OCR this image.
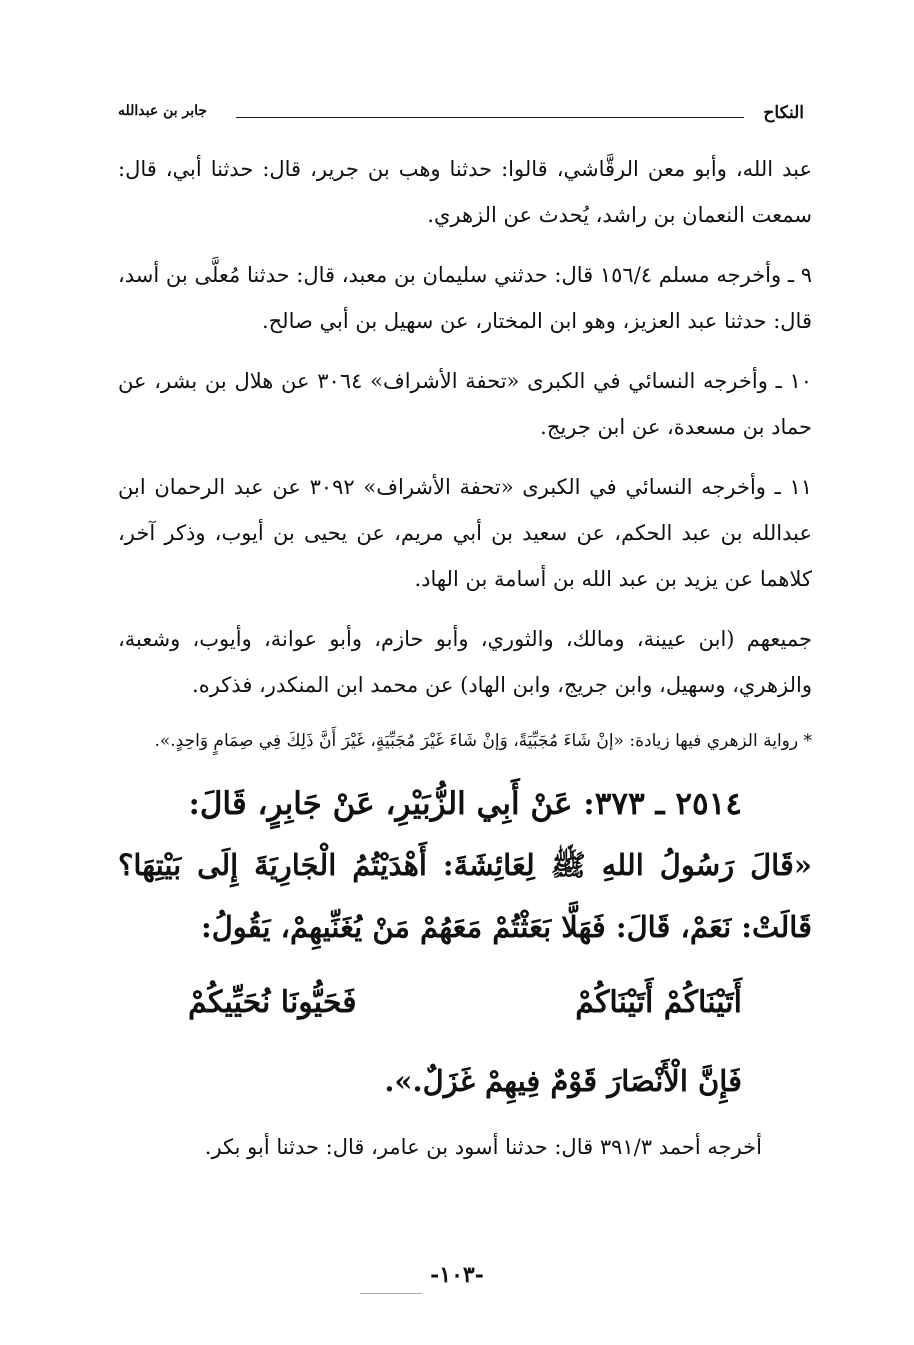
النكاح
جابر بن عبدالله

عبد الله، وأبو معن الرقَّاشي، قالوا: حدثنا وهب بن جرير، قال: حدثنا أبي، قال: سمعت النعمان بن راشد، يُحدث عن الزهري.

٩ ـ وأخرجه مسلم ١٥٦/٤ قال: حدثني سليمان بن معبد، قال: حدثنا مُعلَّى بن أسد، قال: حدثنا عبد العزيز، وهو ابن المختار، عن سهيل بن أبي صالح.

١٠ ـ وأخرجه النسائي في الكبرى «تحفة الأشراف» ٣٠٦٤ عن هلال بن بشر، عن حماد بن مسعدة، عن ابن جريج.

١١ ـ وأخرجه النسائي في الكبرى «تحفة الأشراف» ٣٠٩٢ عن عبد الرحمان ابن عبدالله بن عبد الحكم، عن سعيد بن أبي مريم، عن يحيى بن أيوب، وذكر آخر، كلاهما عن يزيد بن عبد الله بن أسامة بن الهاد.

جميعهم (ابن عيينة، ومالك، والثوري، وأبو حازم، وأبو عوانة، وأيوب، وشعبة، والزهري، وسهيل، وابن جريج، وابن الهاد) عن محمد ابن المنكدر، فذكره.

* رواية الزهري فيها زيادة: «إنْ شَاءَ مُجَبِّيَةً، وَإنْ شَاءَ غَيْرَ مُجَبِّيَةٍ، غَيْرَ أَنَّ ذَلِكَ فِي صِمَامٍ وَاحِدٍ.».

٢٥١٤ ـ ٣٧٣: عَنْ أَبِي الزُّبَيْرِ، عَنْ جَابِرٍ، قَالَ:

«قَالَ رَسُولُ اللهِ ﷺ لِعَائِشَةَ: أَهْدَيْتُمُ الْجَارِيَةَ إِلَى بَيْتِهَا؟ قَالَتْ: نَعَمْ، قَالَ: فَهَلَّا بَعَثْتُمْ مَعَهُمْ مَنْ يُغَنِّيهِمْ، يَقُولُ:

أَتَيْنَاكُمْ أَتَيْنَاكُمْ
فَحَيُّونَا نُحَيِّيكُمْ

فَإِنَّ الْأَنْصَارَ قَوْمٌ فِيهِمْ غَزَلٌ.».

أخرجه أحمد ٣٩١/٣ قال: حدثنا أسود بن عامر، قال: حدثنا أبو بكر.

-١٠٣-
